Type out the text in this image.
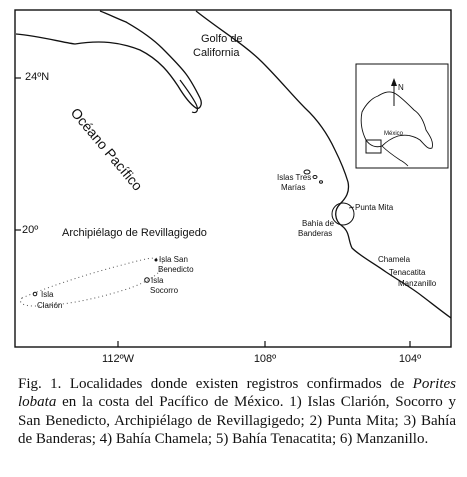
24ºN
20º
112ºW	108º	104º
Golfo de
California
Océano Pacífico
Archipiélago de Revillagigedo
Isla San
Benedicto
Isla
Socorro
Isla
Clarión
Islas Tres
Marías
Punta Mita
Bahía de
Banderas
Chamela
Tenacatita
Manzanillo
México
N
Fig. 1. Localidades donde existen registros confirmados de Porites lobata en la costa del Pacífico de México. 1) Islas Clarión, Socorro y San Benedicto, Archipiélago de Revillagigedo; 2) Punta Mita; 3) Bahía de Banderas; 4) Bahía Chamela; 5) Bahía Tenacatita; 6) Manzanillo.
